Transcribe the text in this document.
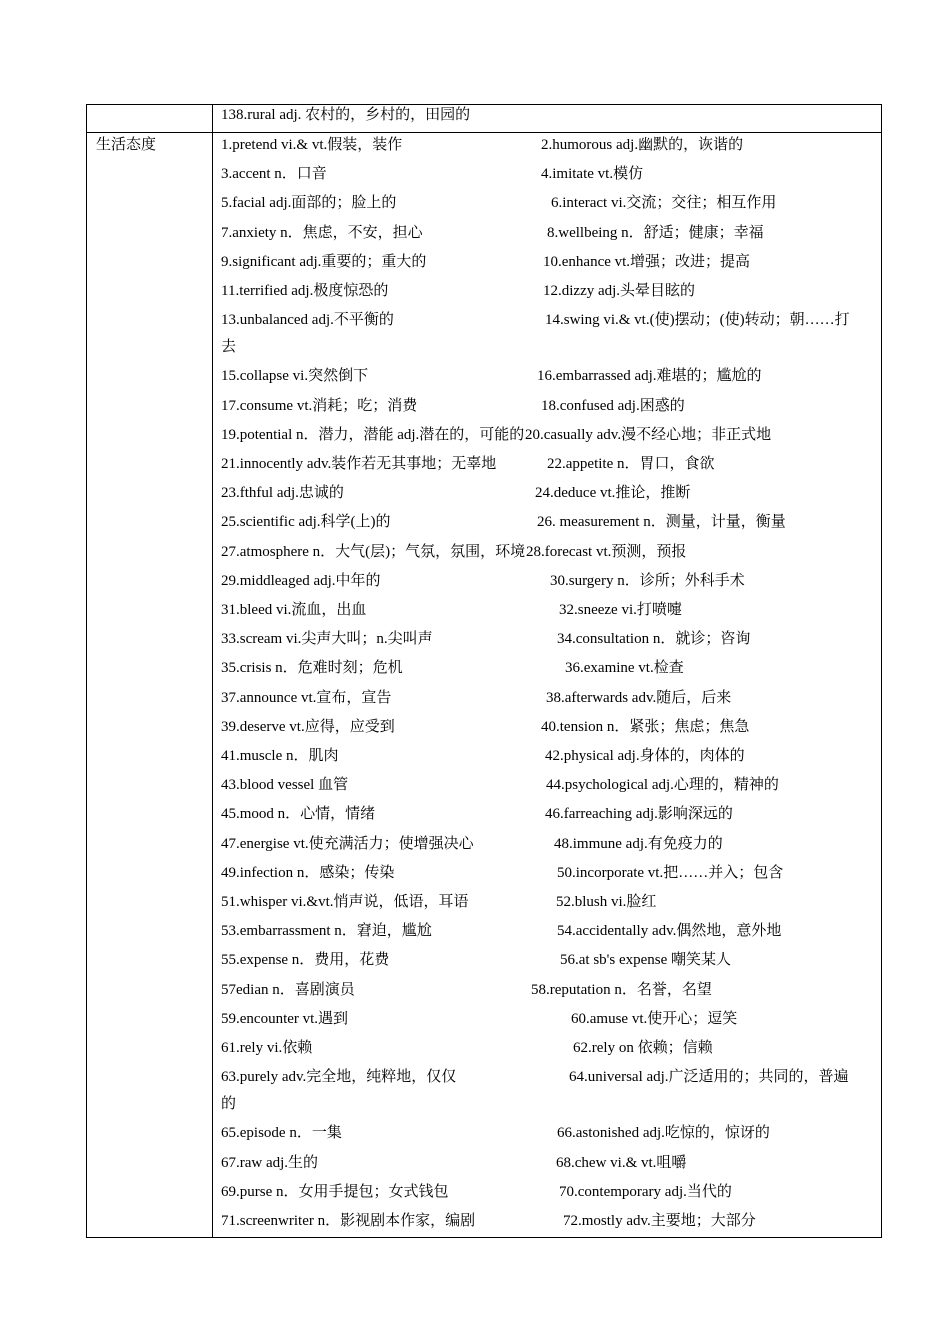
生活态度
138.rural adj. 农村的，乡村的，田园的
1.pretend vi.& vt.假装，装作	2.humorous adj.幽默的，诙谐的
3.accent n．口音	4.imitate vt.模仿
5.facial adj.面部的；脸上的	6.interact vi.交流；交往；相互作用
7.anxiety n．焦虑，不安，担心	8.wellbeing n．舒适；健康；幸福
9.significant adj.重要的；重大的	10.enhance vt.增强；改进；提高
11.terrified adj.极度惊恐的	12.dizzy adj.头晕目眩的
13.unbalanced adj.不平衡的	14.swing vi.& vt.(使)摆动；(使)转动；朝……打
去
15.collapse vi.突然倒下	16.embarrassed adj.难堪的；尴尬的
17.consume vt.消耗；吃；消费	18.confused adj.困惑的
19.potential n．潜力，潜能 adj.潜在的，可能的 20.casually adv.漫不经心地；非正式地
21.innocently adv.装作若无其事地；无辜地	22.appetite n．胃口，食欲
23.fthful adj.忠诚的	24.deduce vt.推论，推断
25.scientific adj.科学(上)的	26. measurement n．测量，计量，衡量
27.atmosphere n．大气(层)；气氛，氛围，环境 28.forecast vt.预测，预报
29.middleaged adj.中年的	30.surgery n．诊所；外科手术
31.bleed vi.流血，出血	32.sneeze vi.打喷嚏
33.scream vi.尖声大叫；n.尖叫声	34.consultation n．就诊；咨询
35.crisis n．危难时刻；危机	36.examine vt.检查
37.announce vt.宣布，宣告	38.afterwards adv.随后，后来
39.deserve vt.应得，应受到	40.tension n．紧张；焦虑；焦急
41.muscle n．肌肉	42.physical adj.身体的，肉体的
43.blood vessel 血管	44.psychological adj.心理的，精神的
45.mood n．心情，情绪	46.farreaching adj.影响深远的
47.energise vt.使充满活力；使增强决心	48.immune adj.有免疫力的
49.infection n．感染；传染	50.incorporate vt.把……并入；包含
51.whisper vi.&vt.悄声说，低语，耳语	52.blush vi.脸红
53.embarrassment n．窘迫，尴尬	54.accidentally adv.偶然地，意外地
55.expense n．费用，花费	56.at sb's expense 嘲笑某人
57edian n．喜剧演员	58.reputation n．名誉，名望
59.encounter vt.遇到	60.amuse vt.使开心；逗笑
61.rely vi.依赖	62.rely on 依赖；信赖
63.purely adv.完全地，纯粹地，仅仅	64.universal adj.广泛适用的；共同的，普遍
的
65.episode n．一集	66.astonished adj.吃惊的，惊讶的
67.raw adj.生的	68.chew vi.& vt.咀嚼
69.purse n．女用手提包；女式钱包	70.contemporary adj.当代的
71.screenwriter n．影视剧本作家，编剧	72.mostly adv.主要地；大部分
